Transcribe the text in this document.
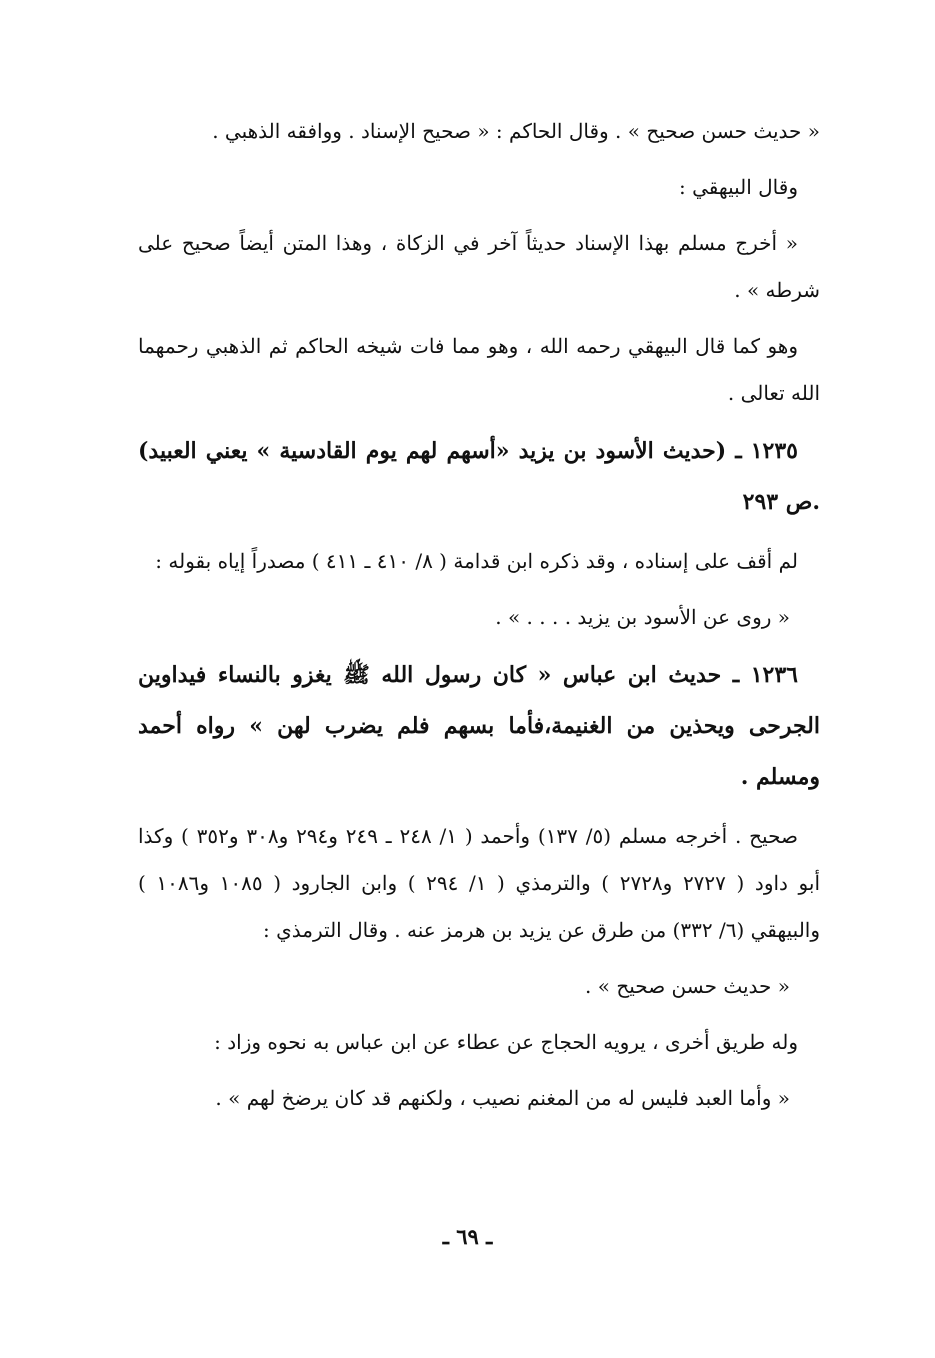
« حديث حسن صحيح » . وقال الحاكم : « صحيح الإسناد . ووافقه الذهبي .

وقال البيهقي :

« أخرج مسلم بهذا الإسناد حديثاً آخر في الزكاة ، وهذا المتن أيضاً صحيح على شرطه » .

وهو كما قال البيهقي رحمه الله ، وهو مما فات شيخه الحاكم ثم الذهبي رحمهما الله تعالى .

١٢٣٥ ـ (حديث الأسود بن يزيد «أسهم لهم يوم القادسية » يعني العبيد) .ص ٢٩٣

لم أقف على إسناده ، وقد ذكره ابن قدامة ( ٨/ ٤١٠ ـ ٤١١ ) مصدراً إياه بقوله :

« روى عن الأسود بن يزيد . . . . » .

١٢٣٦ ـ حديث ابن عباس « كان رسول الله ﷺ يغزو بالنساء فيداوين الجرحى ويحذين من الغنيمة،فأما بسهم فلم يضرب لهن » رواه أحمد ومسلم .

صحيح . أخرجه مسلم (٥/ ١٣٧) وأحمد ( ١/ ٢٤٨ ـ ٢٤٩ و٢٩٤ و٣٠٨ و٣٥٢ ) وكذا أبو داود ( ٢٧٢٧ و٢٧٢٨ ) والترمذي ( ١/ ٢٩٤ ) وابن الجارود ( ١٠٨٥ و١٠٨٦ ) والبيهقي (٦/ ٣٣٢) من طرق عن يزيد بن هرمز عنه . وقال الترمذي :

« حديث حسن صحيح » .

وله طريق أخرى ، يرويه الحجاج عن عطاء عن ابن عباس به نحوه وزاد :

« وأما العبد فليس له من المغنم نصيب ، ولكنهم قد كان يرضخ لهم » .

ـ ٦٩ ـ
